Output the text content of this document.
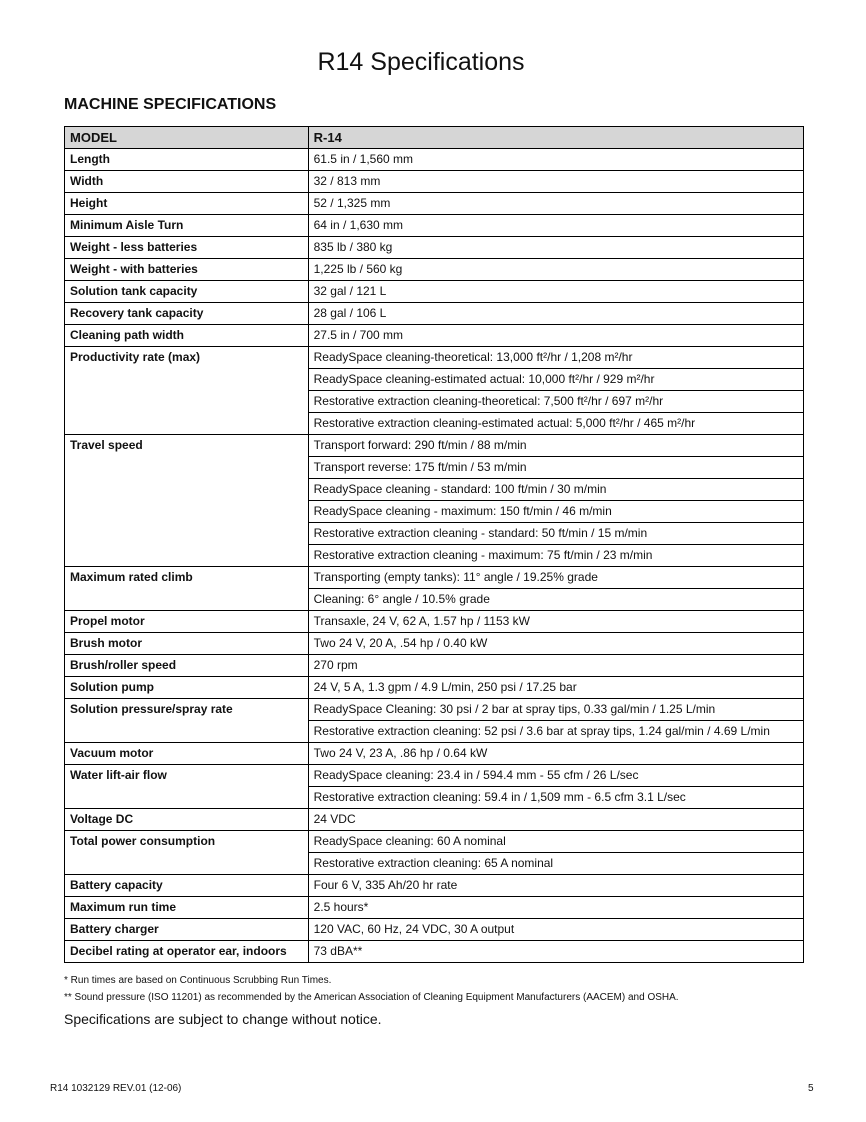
R14 Specifications
MACHINE SPECIFICATIONS
MODEL	R-14
Length	61.5 in / 1,560 mm
Width	32 / 813 mm
Height	52 / 1,325 mm
Minimum Aisle Turn	64 in / 1,630 mm
Weight - less batteries	835 lb / 380 kg
Weight - with batteries	1,225 lb / 560 kg
Solution tank capacity	32 gal / 121 L
Recovery tank capacity	28 gal / 106 L
Cleaning path width	27.5 in / 700 mm
Productivity rate (max)	ReadySpace cleaning-theoretical: 13,000 ft²/hr / 1,208 m²/hr
	ReadySpace cleaning-estimated actual: 10,000 ft²/hr / 929 m²/hr
	Restorative extraction cleaning-theoretical: 7,500 ft²/hr / 697 m²/hr
	Restorative extraction cleaning-estimated actual: 5,000 ft²/hr / 465 m²/hr
Travel speed	Transport forward: 290 ft/min / 88 m/min
	Transport reverse: 175 ft/min / 53 m/min
	ReadySpace cleaning - standard: 100 ft/min / 30 m/min
	ReadySpace cleaning - maximum: 150 ft/min / 46 m/min
	Restorative extraction cleaning - standard: 50 ft/min / 15 m/min
	Restorative extraction cleaning - maximum: 75 ft/min / 23 m/min
Maximum rated climb	Transporting (empty tanks): 11° angle / 19.25% grade
	Cleaning: 6° angle / 10.5% grade
Propel motor	Transaxle, 24 V, 62 A, 1.57 hp / 1153 kW
Brush motor	Two 24 V, 20 A, .54 hp / 0.40 kW
Brush/roller speed	270 rpm
Solution pump	24 V, 5 A, 1.3 gpm / 4.9 L/min, 250 psi / 17.25 bar
Solution pressure/spray rate	ReadySpace Cleaning: 30 psi / 2 bar at spray tips, 0.33 gal/min / 1.25 L/min
	Restorative extraction cleaning: 52 psi / 3.6 bar at spray tips, 1.24 gal/min / 4.69 L/min
Vacuum motor	Two 24 V, 23 A, .86 hp / 0.64 kW
Water lift-air flow	ReadySpace cleaning: 23.4 in / 594.4 mm - 55 cfm / 26 L/sec
	Restorative extraction cleaning: 59.4 in / 1,509 mm - 6.5 cfm 3.1 L/sec
Voltage DC	24 VDC
Total power consumption	ReadySpace cleaning: 60 A nominal
	Restorative extraction cleaning: 65 A nominal
Battery capacity	Four 6 V, 335 Ah/20 hr rate
Maximum run time	2.5 hours*
Battery charger	120 VAC, 60 Hz, 24 VDC, 30 A output
Decibel rating at operator ear, indoors	73 dBA**

* Run times are based on Continuous Scrubbing Run Times.

** Sound pressure (ISO 11201) as recommended by the American Association of Cleaning Equipment Manufacturers (AACEM) and OSHA.

Specifications are subject to change without notice.

R14 1032129 REV.01 (12-06)	5
